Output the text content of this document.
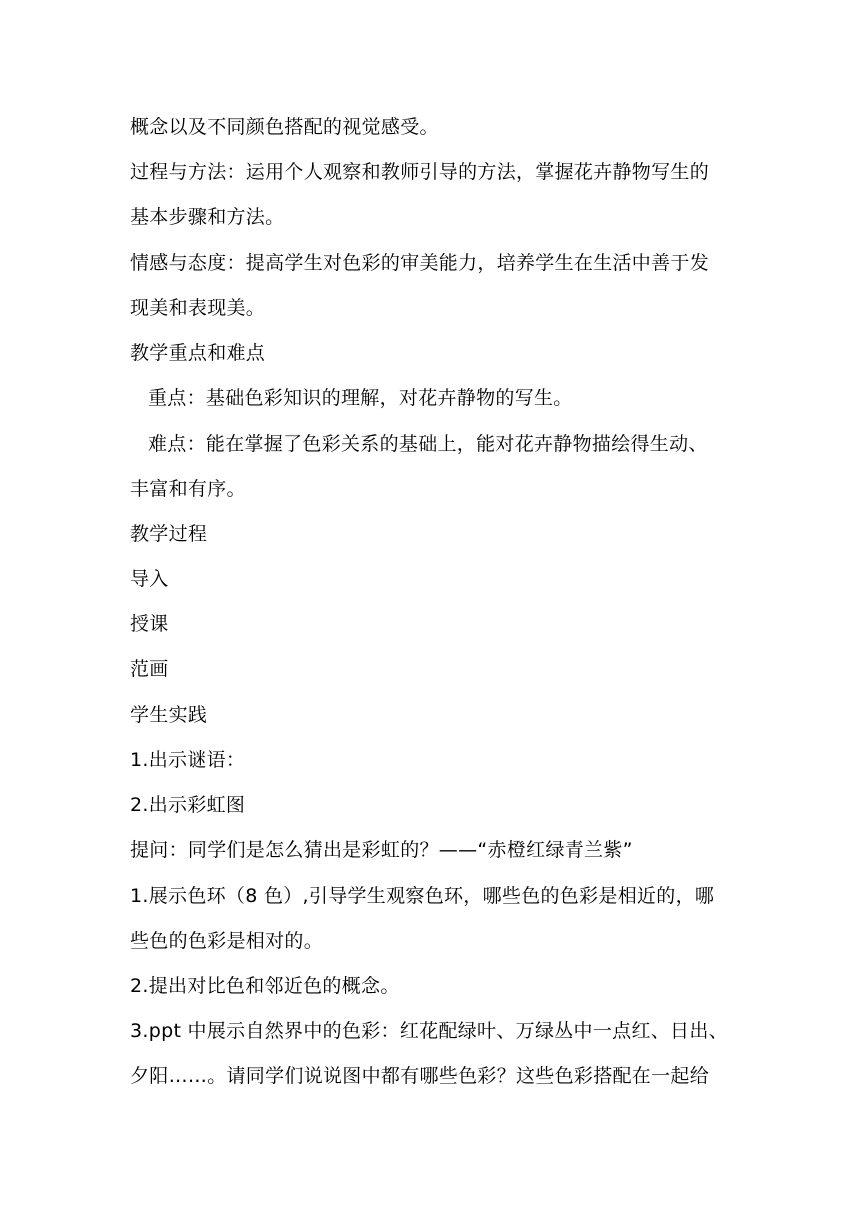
概念以及不同颜色搭配的视觉感受。
过程与方法：运用个人观察和教师引导的方法，掌握花卉静物写生的
基本步骤和方法。
情感与态度：提高学生对色彩的审美能力，培养学生在生活中善于发
现美和表现美。
教学重点和难点
重点：基础色彩知识的理解，对花卉静物的写生。
难点：能在掌握了色彩关系的基础上，能对花卉静物描绘得生动、
丰富和有序。
教学过程
导入
授课
范画
学生实践
1.出示谜语：
2.出示彩虹图
提问：同学们是怎么猜出是彩虹的？——“赤橙红绿青兰紫”
1.展示色环（8 色）,引导学生观察色环，哪些色的色彩是相近的，哪
些色的色彩是相对的。
2.提出对比色和邻近色的概念。
3.ppt 中展示自然界中的色彩：红花配绿叶、万绿丛中一点红、日出、
夕阳……。请同学们说说图中都有哪些色彩？这些色彩搭配在一起给
